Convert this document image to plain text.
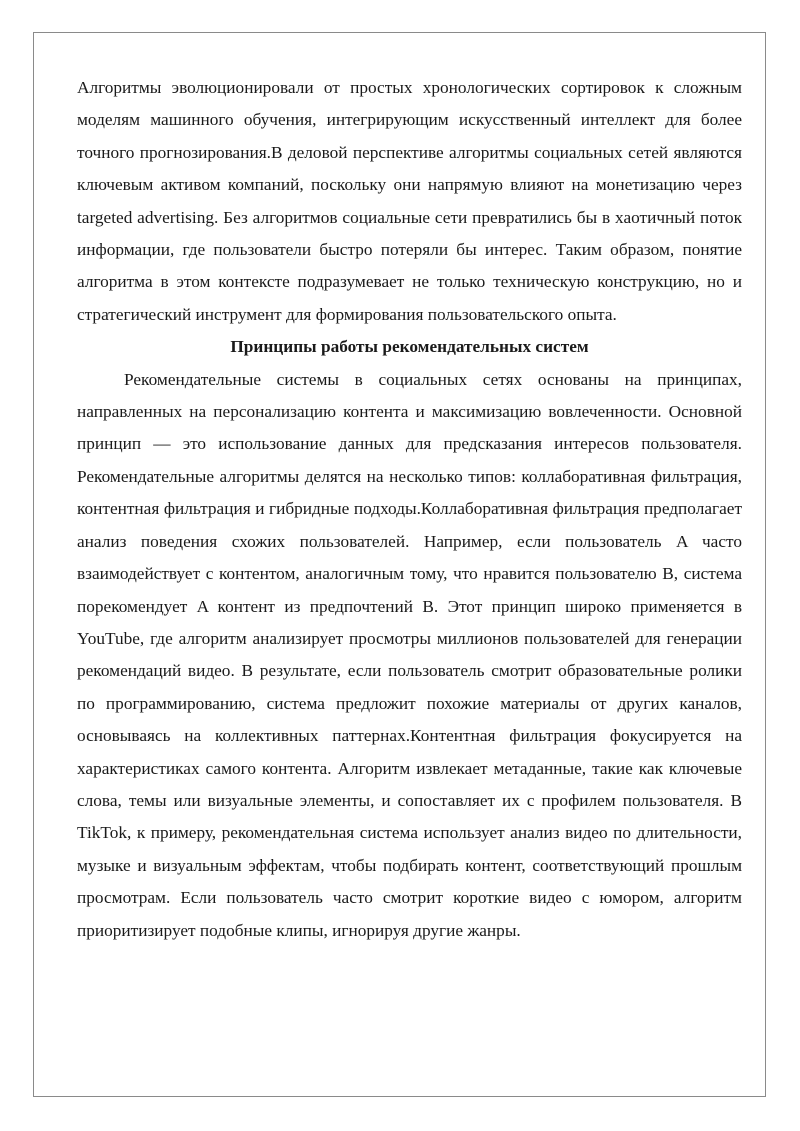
Алгоритмы эволюционировали от простых хронологических сортировок к сложным моделям машинного обучения, интегрирующим искусственный интеллект для более точного прогнозирования.В деловой перспективе алгоритмы социальных сетей являются ключевым активом компаний, поскольку они напрямую влияют на монетизацию через targeted advertising. Без алгоритмов социальные сети превратились бы в хаотичный поток информации, где пользователи быстро потеряли бы интерес. Таким образом, понятие алгоритма в этом контексте подразумевает не только техническую конструкцию, но и стратегический инструмент для формирования пользовательского опыта.

Принципы работы рекомендательных систем

Рекомендательные системы в социальных сетях основаны на принципах, направленных на персонализацию контента и максимизацию вовлеченности. Основной принцип — это использование данных для предсказания интересов пользователя. Рекомендательные алгоритмы делятся на несколько типов: коллаборативная фильтрация, контентная фильтрация и гибридные подходы.Коллаборативная фильтрация предполагает анализ поведения схожих пользователей. Например, если пользователь A часто взаимодействует с контентом, аналогичным тому, что нравится пользователю B, система порекомендует A контент из предпочтений B. Этот принцип широко применяется в YouTube, где алгоритм анализирует просмотры миллионов пользователей для генерации рекомендаций видео. В результате, если пользователь смотрит образовательные ролики по программированию, система предложит похожие материалы от других каналов, основываясь на коллективных паттернах.Контентная фильтрация фокусируется на характеристиках самого контента. Алгоритм извлекает метаданные, такие как ключевые слова, темы или визуальные элементы, и сопоставляет их с профилем пользователя. В TikTok, к примеру, рекомендательная система использует анализ видео по длительности, музыке и визуальным эффектам, чтобы подбирать контент, соответствующий прошлым просмотрам. Если пользователь часто смотрит короткие видео с юмором, алгоритм приоритизирует подобные клипы, игнорируя другие жанры.
